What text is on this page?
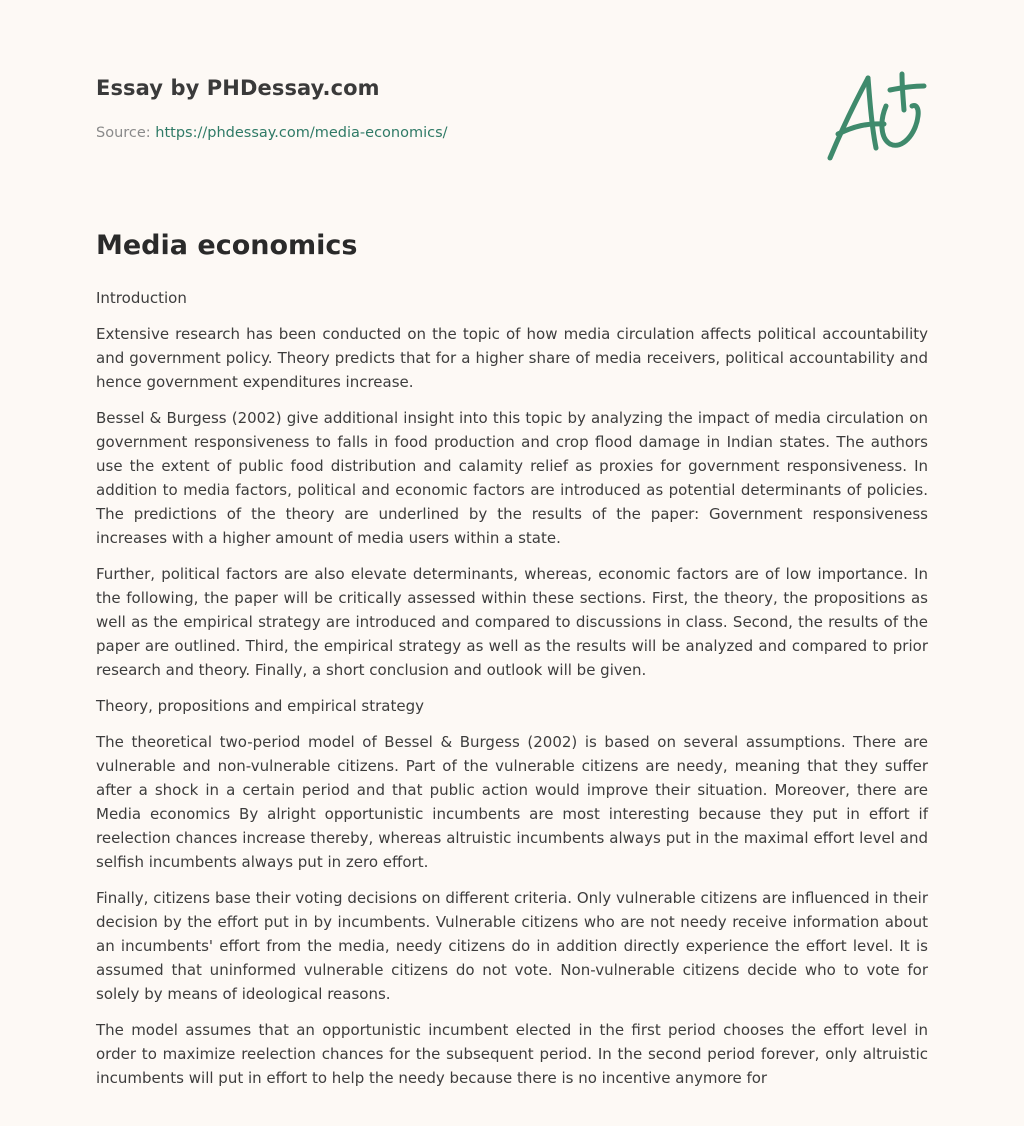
Essay by PHDessay.com
Source: https://phdessay.com/media-economics/
Media economics

Introduction

Extensive research has been conducted on the topic of how media circulation affects political accountability and government policy. Theory predicts that for a higher share of media receivers, political accountability and hence government expenditures increase.

Bessel & Burgess (2002) give additional insight into this topic by analyzing the impact of media circulation on government responsiveness to falls in food production and crop flood damage in Indian states. The authors use the extent of public food distribution and calamity relief as proxies for government responsiveness. In addition to media factors, political and economic factors are introduced as potential determinants of policies. The predictions of the theory are underlined by the results of the paper: Government responsiveness increases with a higher amount of media users within a state.

Further, political factors are also elevate determinants, whereas, economic factors are of low importance. In the following, the paper will be critically assessed within these sections. First, the theory, the propositions as well as the empirical strategy are introduced and compared to discussions in class. Second, the results of the paper are outlined. Third, the empirical strategy as well as the results will be analyzed and compared to prior research and theory. Finally, a short conclusion and outlook will be given.

Theory, propositions and empirical strategy

The theoretical two-period model of Bessel & Burgess (2002) is based on several assumptions. There are vulnerable and non-vulnerable citizens. Part of the vulnerable citizens are needy, meaning that they suffer after a shock in a certain period and that public action would improve their situation. Moreover, there are Media economics By alright opportunistic incumbents are most interesting because they put in effort if reelection chances increase thereby, whereas altruistic incumbents always put in the maximal effort level and selfish incumbents always put in zero effort.

Finally, citizens base their voting decisions on different criteria. Only vulnerable citizens are influenced in their decision by the effort put in by incumbents. Vulnerable citizens who are not needy receive information about an incumbents' effort from the media, needy citizens do in addition directly experience the effort level. It is assumed that uninformed vulnerable citizens do not vote. Non-vulnerable citizens decide who to vote for solely by means of ideological reasons.

The model assumes that an opportunistic incumbent elected in the first period chooses the effort level in order to maximize reelection chances for the subsequent period. In the second period forever, only altruistic incumbents will put in effort to help the needy because there is no incentive anymore for
